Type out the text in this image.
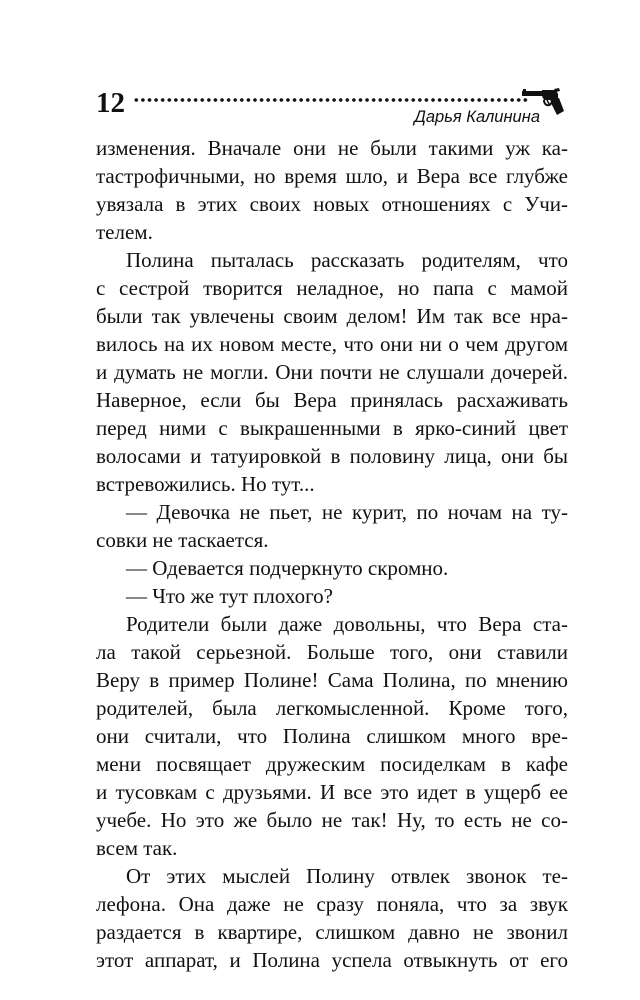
12	Дарья Калинина
изменения. Вначале они не были такими уж ка-
тастрофичными, но время шло, и Вера все глубже
увязала в этих своих новых отношениях с Учи-
телем.
Полина пыталась рассказать родителям, что
с сестрой творится неладное, но папа с мамой
были так увлечены своим делом! Им так все нра-
вилось на их новом месте, что они ни о чем другом
и думать не могли. Они почти не слушали дочерей.
Наверное, если бы Вера принялась расхаживать
перед ними с выкрашенными в ярко-синий цвет
волосами и татуировкой в половину лица, они бы
встревожились. Но тут...
— Девочка не пьет, не курит, по ночам на ту-
совки не таскается.
— Одевается подчеркнуто скромно.
— Что же тут плохого?
Родители были даже довольны, что Вера ста-
ла такой серьезной. Больше того, они ставили
Веру в пример Полине! Сама Полина, по мнению
родителей, была легкомысленной. Кроме того,
они считали, что Полина слишком много вре-
мени посвящает дружеским посиделкам в кафе
и тусовкам с друзьями. И все это идет в ущерб ее
учебе. Но это же было не так! Ну, то есть не со-
всем так.
От этих мыслей Полину отвлек звонок те-
лефона. Она даже не сразу поняла, что за звук
раздается в квартире, слишком давно не звонил
этот аппарат, и Полина успела отвыкнуть от его
